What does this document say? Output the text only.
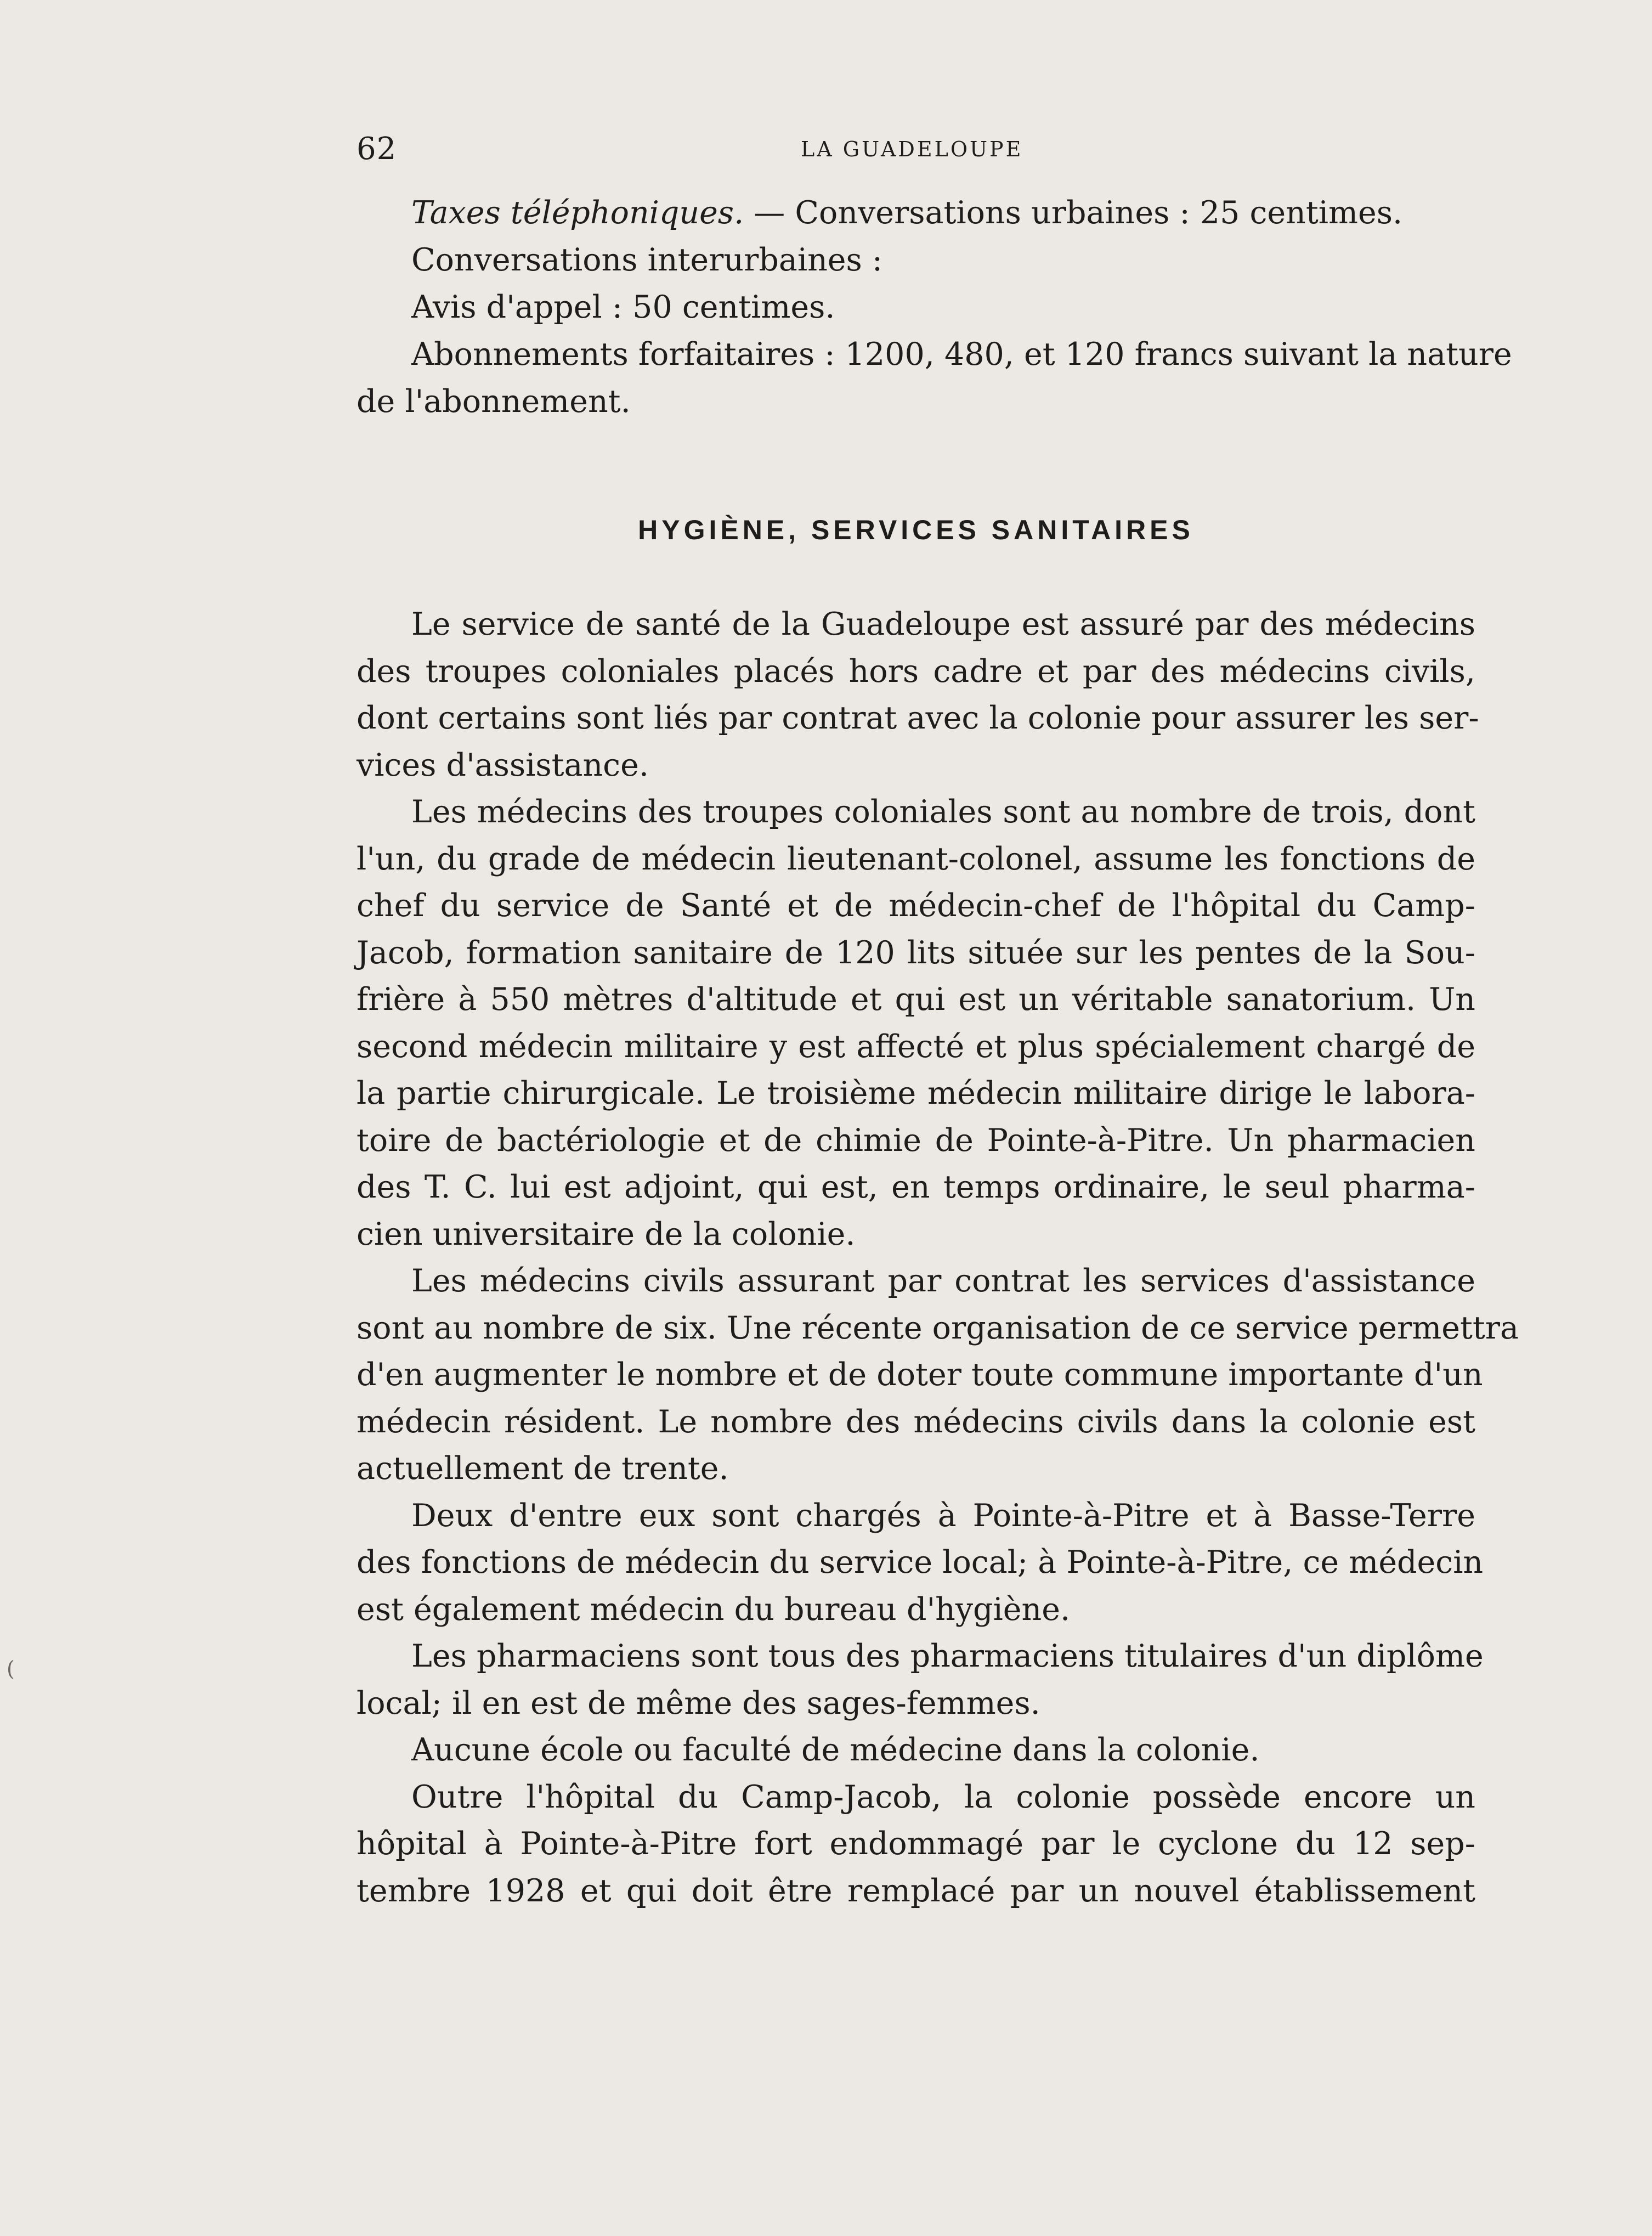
62	LA GUADELOUPE
Taxes téléphoniques. — Conversations urbaines : 25 centimes.
Conversations interurbaines :
Avis d'appel : 50 centimes.
Abonnements forfaitaires : 1200, 480, et 120 francs suivant la nature
de l'abonnement.
HYGIÈNE, SERVICES SANITAIRES
Le service de santé de la Guadeloupe est assuré par des médecins
des troupes coloniales placés hors cadre et par des médecins civils,
dont certains sont liés par contrat avec la colonie pour assurer les ser-
vices d'assistance.
Les médecins des troupes coloniales sont au nombre de trois, dont
l'un, du grade de médecin lieutenant-colonel, assume les fonctions de
chef du service de Santé et de médecin-chef de l'hôpital du Camp-
Jacob, formation sanitaire de 120 lits située sur les pentes de la Sou-
frière à 550 mètres d'altitude et qui est un véritable sanatorium. Un
second médecin militaire y est affecté et plus spécialement chargé de
la partie chirurgicale. Le troisième médecin militaire dirige le labora-
toire de bactériologie et de chimie de Pointe-à-Pitre. Un pharmacien
des T. C. lui est adjoint, qui est, en temps ordinaire, le seul pharma-
cien universitaire de la colonie.
Les médecins civils assurant par contrat les services d'assistance
sont au nombre de six. Une récente organisation de ce service permettra
d'en augmenter le nombre et de doter toute commune importante d'un
médecin résident. Le nombre des médecins civils dans la colonie est
actuellement de trente.
Deux d'entre eux sont chargés à Pointe-à-Pitre et à Basse-Terre
des fonctions de médecin du service local; à Pointe-à-Pitre, ce médecin
est également médecin du bureau d'hygiène.
Les pharmaciens sont tous des pharmaciens titulaires d'un diplôme
local; il en est de même des sages-femmes.
Aucune école ou faculté de médecine dans la colonie.
Outre l'hôpital du Camp-Jacob, la colonie possède encore un
hôpital à Pointe-à-Pitre fort endommagé par le cyclone du 12 sep-
tembre 1928 et qui doit être remplacé par un nouvel établissement
(
